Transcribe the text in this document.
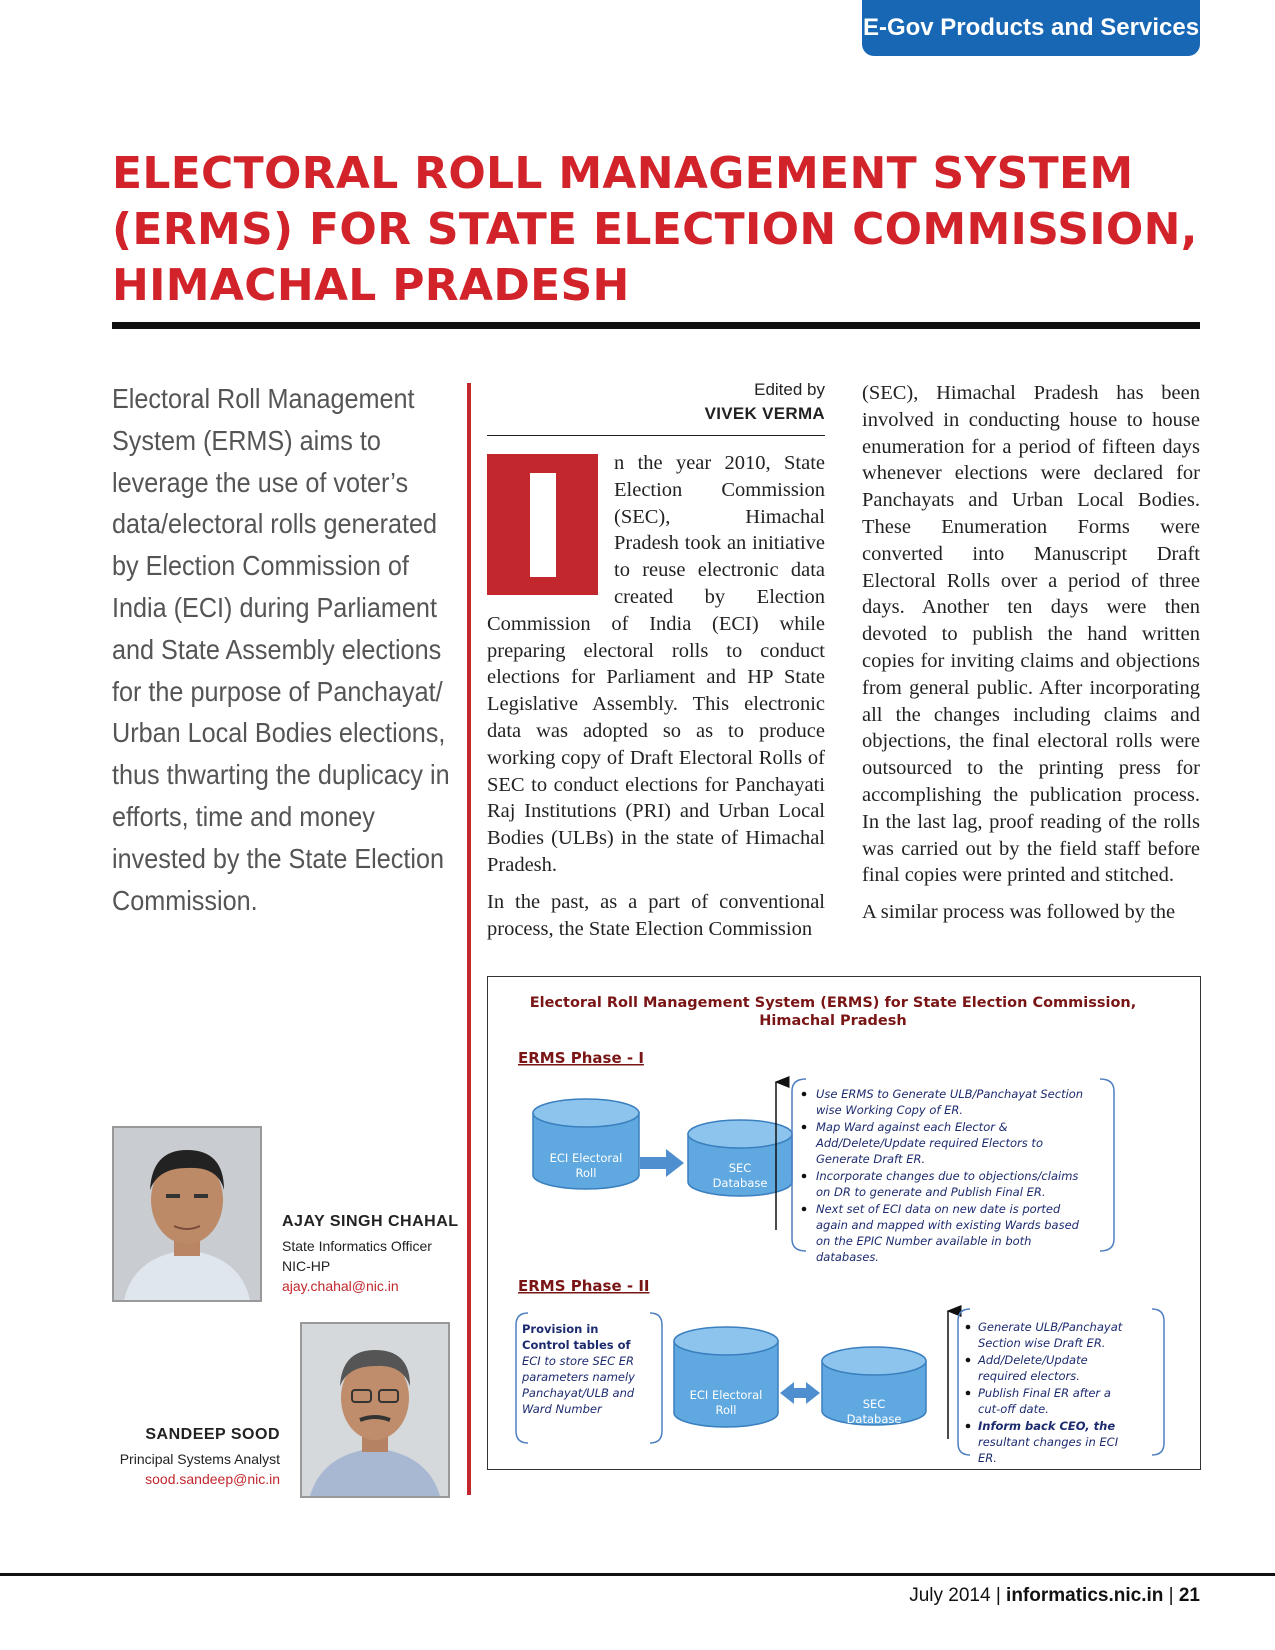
E-Gov Products and Services
ELECTORAL ROLL MANAGEMENT SYSTEM
(ERMS) FOR STATE ELECTION COMMISSION,
HIMACHAL PRADESH
Electoral Roll Management System (ERMS) aims to leverage the use of voter’s data/electoral rolls generated by Election Commission of India (ECI) during Parliament and State Assembly elections for the purpose of Panchayat/ Urban Local Bodies elections, thus thwarting the duplicacy in efforts, time and money invested by the State Election Commission.
Edited by
VIVEK VERMA

n the year 2010, State Election Commission (SEC), Himachal Pradesh took an initiative to reuse electronic data created by Election Commission of India (ECI) while preparing electoral rolls to conduct elections for Parliament and HP State Legislative Assembly. This electronic data was adopted so as to produce working copy of Draft Electoral Rolls of SEC to conduct elections for Panchayati Raj Institutions (PRI) and Urban Local Bodies (ULBs) in the state of Himachal Pradesh.

In the past, as a part of conventional process, the State Election Commission

(SEC), Himachal Pradesh has been involved in conducting house to house enumeration for a period of fifteen days whenever elections were declared for Panchayats and Urban Local Bodies. These Enumeration Forms were converted into Manuscript Draft Electoral Rolls over a period of three days. Another ten days were then devoted to publish the hand written copies for inviting claims and objections from general public. After incorporating all the changes including claims and objections, the final electoral rolls were outsourced to the printing press for accomplishing the publication process. In the last lag, proof reading of the rolls was carried out by the field staff before final copies were printed and stitched.

A similar process was followed by the

Electoral Roll Management System (ERMS) for State Election Commission,
Himachal Pradesh
ERMS Phase - I
ECI Electoral
Roll	SEC
Database
Use ERMS to Generate ULB/Panchayat Section
wise Working Copy of ER.
Map Ward against each Elector &
Add/Delete/Update required Electors to
Generate Draft ER.
Incorporate changes due to objections/claims
on DR to generate and Publish Final ER.
Next set of ECI data on new date is ported
again and mapped with existing Wards based
on the EPIC Number available in both
databases.
ERMS Phase - II
Provision in
Control tables of
ECI to store SEC ER
parameters namely
Panchayat/ULB and
Ward Number
ECI Electoral
Roll	SEC
Database
Generate ULB/Panchayat
Section wise Draft ER.
Add/Delete/Update
required electors.
Publish Final ER after a
cut-off date.
Inform back CEO, the
resultant changes in ECI
ER.
AJAY SINGH CHAHAL
State Informatics Officer
NIC-HP
ajay.chahal@nic.in
SANDEEP SOOD
Principal Systems Analyst
sood.sandeep@nic.in
July 2014 | informatics.nic.in | 21
